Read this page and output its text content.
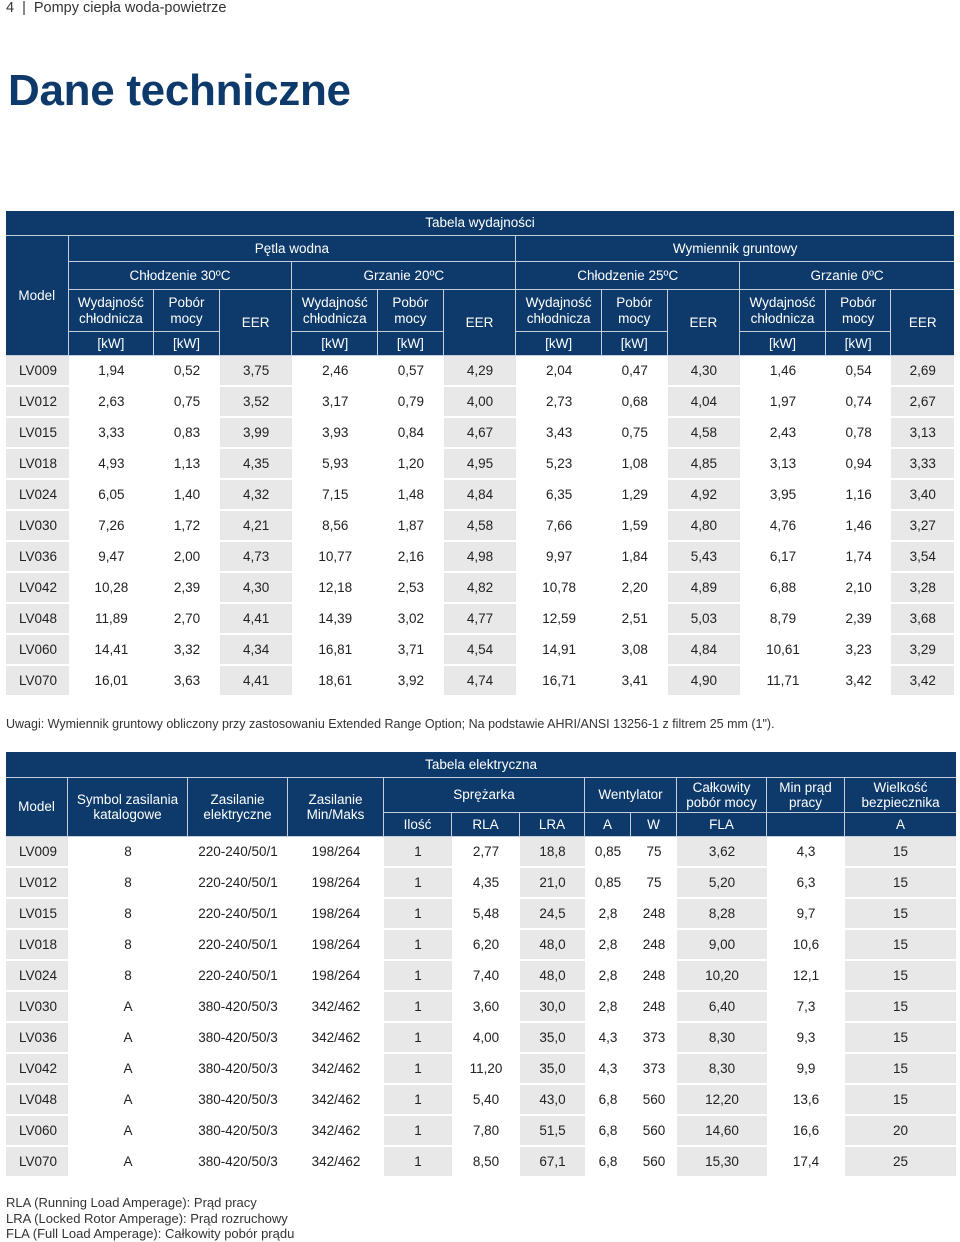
4 | Pompy ciepła woda-powietrze
Dane techniczne
Tabela wydajności												
Model	Pętla wodna						Wymiennik gruntowy					
	Chłodzenie 30ºC			Grzanie 20ºC			Chłodzenie 25ºC			Grzanie 0ºC		
	Wydajność chłodnicza	Pobór mocy	EER	Wydajność chłodnicza	Pobór mocy	EER	Wydajność chłodnicza	Pobór mocy	EER	Wydajność chłodnicza	Pobór mocy	EER
	[kW]	[kW]		[kW]	[kW]		[kW]	[kW]		[kW]	[kW]	
LV009	1,94	0,52	3,75	2,46	0,57	4,29	2,04	0,47	4,30	1,46	0,54	2,69
LV012	2,63	0,75	3,52	3,17	0,79	4,00	2,73	0,68	4,04	1,97	0,74	2,67
LV015	3,33	0,83	3,99	3,93	0,84	4,67	3,43	0,75	4,58	2,43	0,78	3,13
LV018	4,93	1,13	4,35	5,93	1,20	4,95	5,23	1,08	4,85	3,13	0,94	3,33
LV024	6,05	1,40	4,32	7,15	1,48	4,84	6,35	1,29	4,92	3,95	1,16	3,40
LV030	7,26	1,72	4,21	8,56	1,87	4,58	7,66	1,59	4,80	4,76	1,46	3,27
LV036	9,47	2,00	4,73	10,77	2,16	4,98	9,97	1,84	5,43	6,17	1,74	3,54
LV042	10,28	2,39	4,30	12,18	2,53	4,82	10,78	2,20	4,89	6,88	2,10	3,28
LV048	11,89	2,70	4,41	14,39	3,02	4,77	12,59	2,51	5,03	8,79	2,39	3,68
LV060	14,41	3,32	4,34	16,81	3,71	4,54	14,91	3,08	4,84	10,61	3,23	3,29
LV070	16,01	3,63	4,41	18,61	3,92	4,74	16,71	3,41	4,90	11,71	3,42	3,42
Uwagi: Wymiennik gruntowy obliczony przy zastosowaniu Extended Range Option; Na podstawie AHRI/ANSI 13256-1 z filtrem 25 mm (1").
Tabela elektryczna											
Model	Symbol zasilania katalogowe	Zasilanie elektryczne	Zasilanie Min/Maks	Sprężarka			Wentylator		Całkowity pobór mocy	Min prąd pracy	Wielkość bezpiecznika
				Ilość	RLA	LRA	A	W	FLA		A
LV009	8	220-240/50/1	198/264	1	2,77	18,8	0,85	75	3,62	4,3	15
LV012	8	220-240/50/1	198/264	1	4,35	21,0	0,85	75	5,20	6,3	15
LV015	8	220-240/50/1	198/264	1	5,48	24,5	2,8	248	8,28	9,7	15
LV018	8	220-240/50/1	198/264	1	6,20	48,0	2,8	248	9,00	10,6	15
LV024	8	220-240/50/1	198/264	1	7,40	48,0	2,8	248	10,20	12,1	15
LV030	A	380-420/50/3	342/462	1	3,60	30,0	2,8	248	6,40	7,3	15
LV036	A	380-420/50/3	342/462	1	4,00	35,0	4,3	373	8,30	9,3	15
LV042	A	380-420/50/3	342/462	1	11,20	35,0	4,3	373	8,30	9,9	15
LV048	A	380-420/50/3	342/462	1	5,40	43,0	6,8	560	12,20	13,6	15
LV060	A	380-420/50/3	342/462	1	7,80	51,5	6,8	560	14,60	16,6	20
LV070	A	380-420/50/3	342/462	1	8,50	67,1	6,8	560	15,30	17,4	25
RLA (Running Load Amperage): Prąd pracy
LRA (Locked Rotor Amperage): Prąd rozruchowy
FLA (Full Load Amperage): Całkowity pobór prądu
